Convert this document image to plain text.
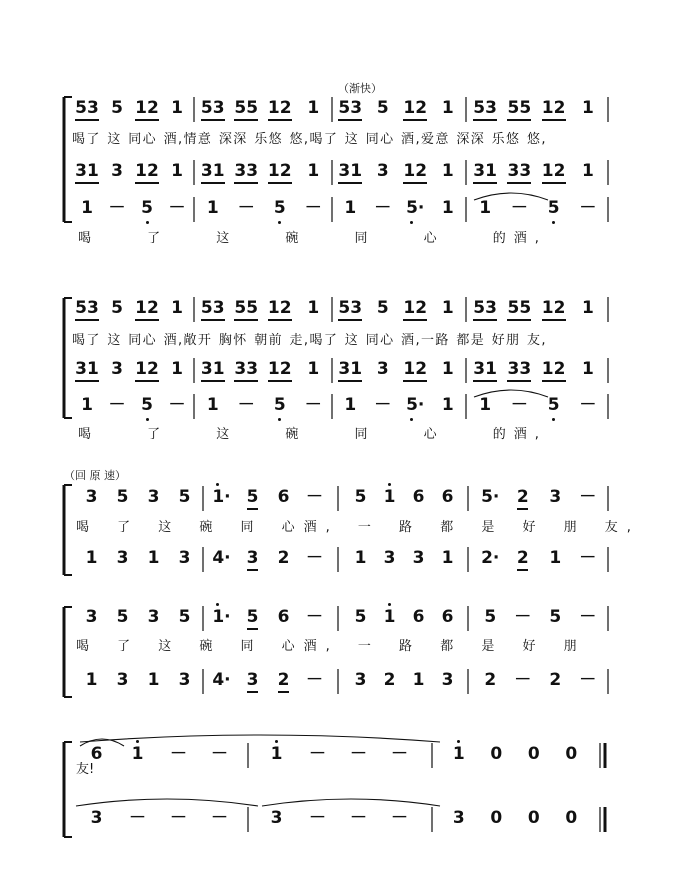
（渐快）
（回 原 速）
喝了 这 同心 酒,情意 深深 乐悠 悠,喝了 这 同心 酒,爱意 深深 乐悠 悠,
喝 了 这 碗 同 心 的酒,
喝了 这 同心 酒,敞开 胸怀 朝前 走,喝了 这 同心 酒,一路 都是 好朋 友,
喝 了 这 碗 同 心 的酒,
喝 了 这 碗 同 心酒, 一 路 都 是 好 朋 友,
喝 了 这 碗 同 心酒, 一 路 都 是 好 朋
友!
53 5 12 1 53 55 12 1 53 5 12 1 53 55 12 1
31 3 12 1 31 33 12 1 31 3 12 1 31 33 12 1
1 － 5 － 1 － 5 － 1 － 5· 1 1 － 5 －
53 5 12 1 53 55 12 1 53 5 12 1 53 55 12 1
31 3 12 1 31 33 12 1 31 3 12 1 31 33 12 1
1 － 5 － 1 － 5 － 1 － 5· 1 1 － 5 －
3 5 3 5 1· 5 6 － 5 1 6 6 5· 2 3 －
1 3 1 3 4· 3 2 － 1 3 3 1 2· 2 1 －
3 5 3 5 1· 5 6 － 5 1 6 6 5 － 5 －
1 3 1 3 4· 3 2 － 3 2 1 3 2 － 2 －
6 1 － －	1 － － －	1 0 0 0
3 － － －	3 － － －	3 0 0 0
